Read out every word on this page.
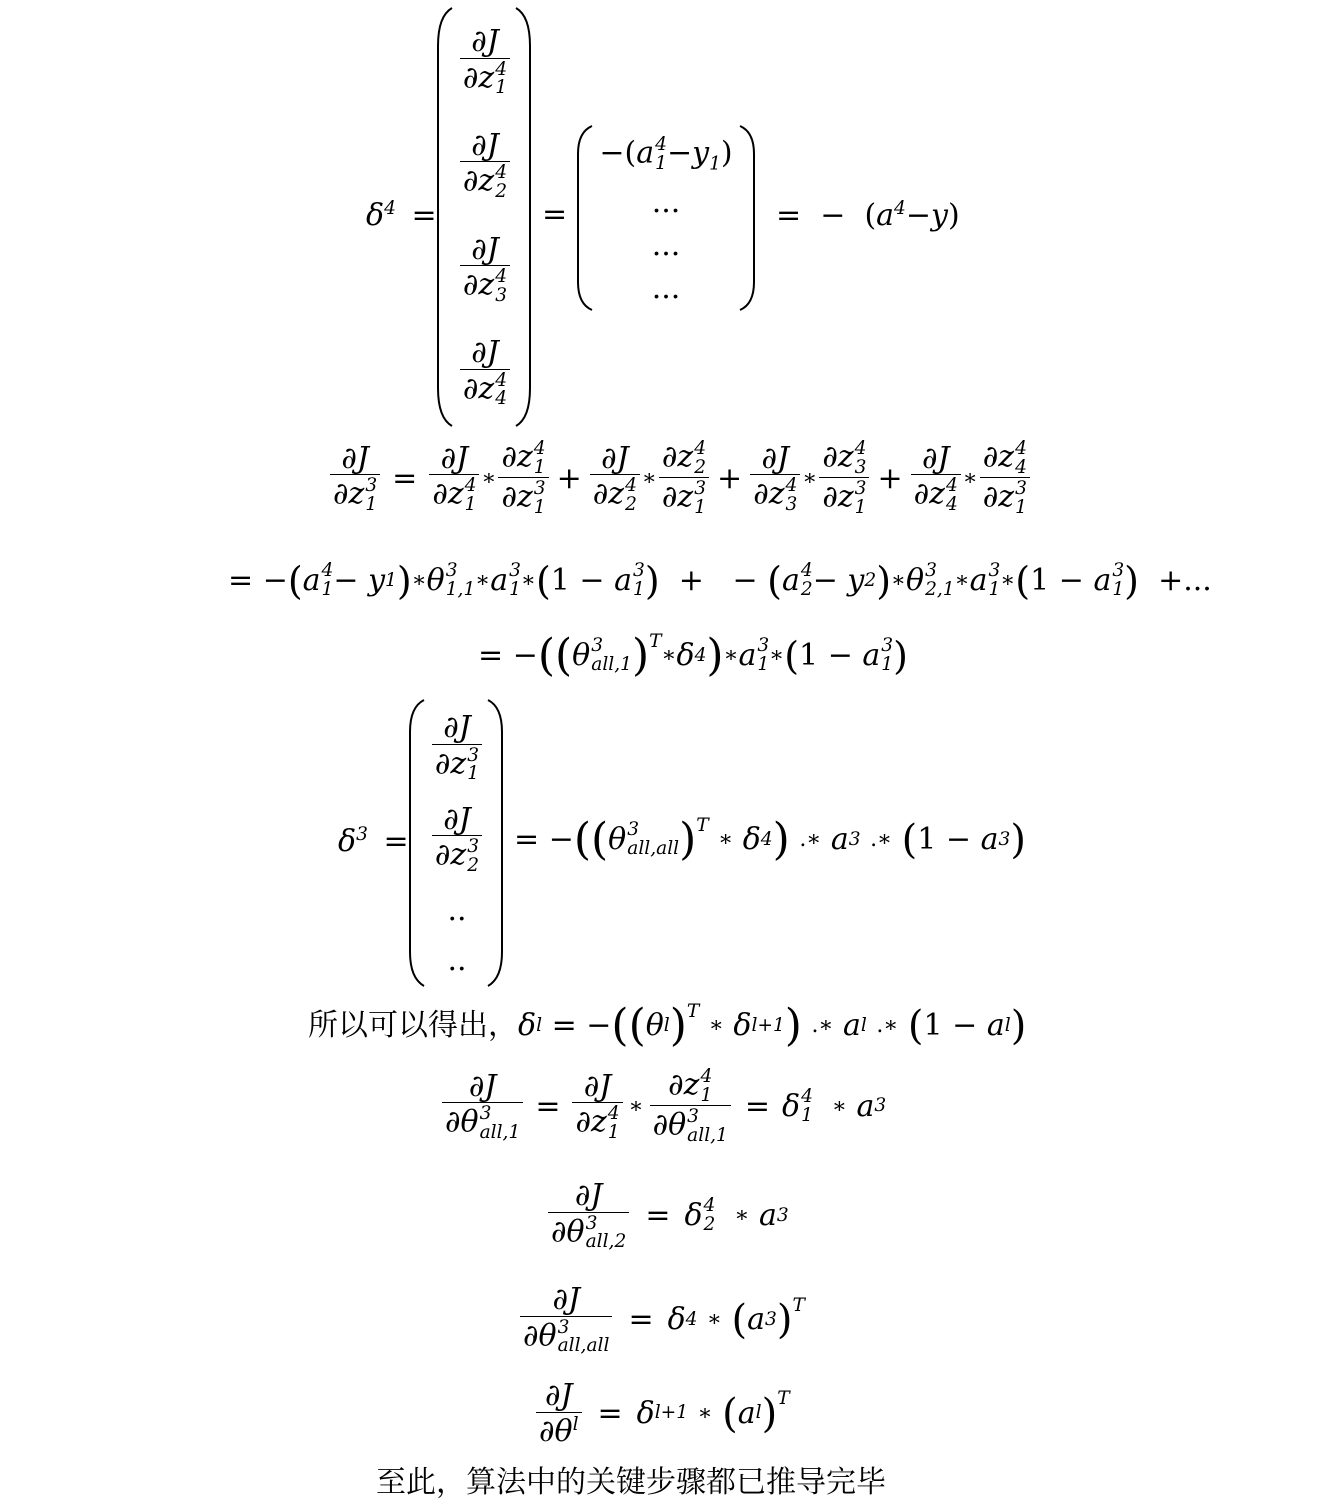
$\delta^4$ =
∂J
∂z 4
1
∂J
∂z 4
2
∂J
∂z 4
3
∂J
∂z 4
4
=
−(a 4
$1 -y_1$)
...
...
...
= − $(a^4-y)$
∂J
∂z 3
1 = ∂J
∂z 4
1 ∗ ∂z 4
1
∂z 3
1 + ∂J
∂z 4
2 ∗ ∂z 4
2
∂z 3
1 + ∂J
∂z 4
3 ∗ ∂z 4
3
∂z 3
1 + ∂J
∂z 4
4 ∗ ∂z 4
4
∂z 3
1
=
− ( a 4
1 −
y 1 ) ∗ θ 3
1,1 ∗ a 3
1 ∗ ( 1
−
a 3
1 )
+
−
( a 4
2 −
y 2 ) ∗ θ 3
2,1 ∗ a 3
1 ∗ ( 1
−
a 3
1 )
+ ...
=
− ( ( θ 3
all,1 )$^T$
∗ δ 4 ) ∗ a 3
1 ∗ ( 1
−
a 3
1 )
$\delta^3$ =
∂J
∂z 3
1
∂J
∂z 3
2
..
..
=
− ( ( θ 3
all,all )$^T$

∗
δ 4 )
.∗
a 3
.∗
( 1
−
a 3 )
所以可以得出， δ l
=
− ( ( θ l )$^T$

∗
δ l+1 )
.∗
a l
.∗
( 1
−
a l )
∂J
∂θ 3
all,1 = ∂J
∂z 4
1 ∗ ∂z 4
1
∂θ 3
all,1 = δ 4
1
∗
a 3
∂J
∂θ 3
all,2 = δ 4
2
∗
a 3
∂J
∂θ 3
all,all = δ 4
∗
( a 3 )$^T$
$\frac{\partial J}{\partial\theta^l} = \delta$ l+1
∗
( a l )$^T$
至此，算法中的关键步骤都已推导完毕
